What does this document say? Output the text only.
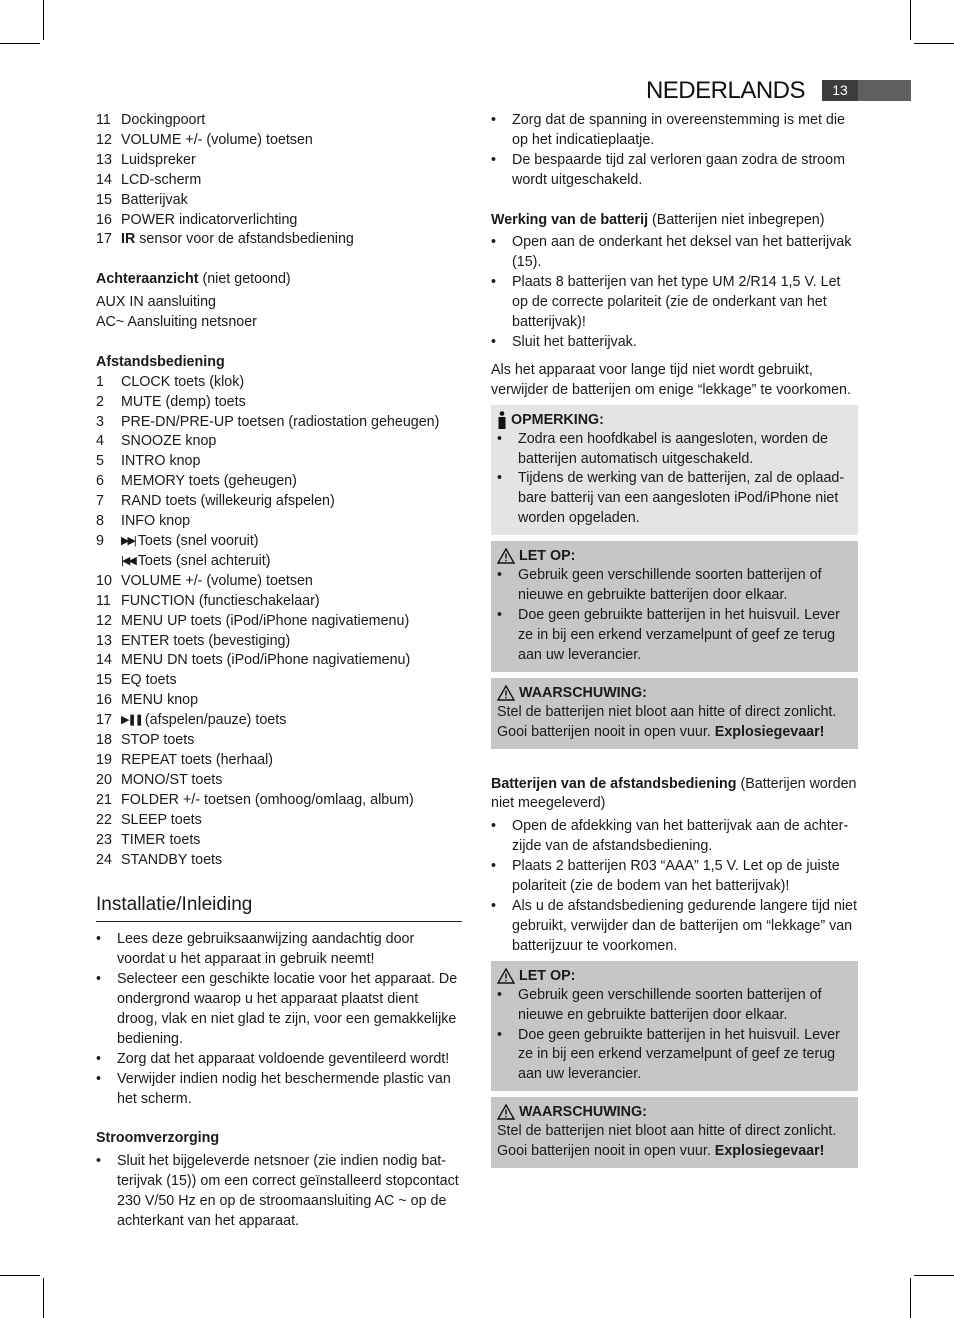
NEDERLANDS	13
11 Dockingpoort
12 VOLUME +/- (volume) toetsen
13 Luidspreker
14 LCD-scherm
15 Batterijvak
16 POWER indicatorverlichting
17 IR sensor voor de afstandsbediening
Achteraanzicht (niet getoond)
AUX IN aansluiting
AC~ Aansluiting netsnoer
Afstandsbediening
1	CLOCK toets (klok)
2	MUTE (demp) toets
3	PRE-DN/PRE-UP toetsen (radiostation geheugen)
4	SNOOZE knop
5	INTRO knop
6	MEMORY toets (geheugen)
7	RAND toets (willekeurig afspelen)
8	INFO knop
9	▶▶| Toets (snel vooruit)
|◀◀ Toets (snel achteruit)
10 VOLUME +/- (volume) toetsen
11 FUNCTION (functieschakelaar)
12 MENU UP toets (iPod/iPhone nagivatiemenu)
13 ENTER toets (bevestiging)
14 MENU DN toets (iPod/iPhone nagivatiemenu)
15 EQ toets
16 MENU knop
17 ▶❚❚ (afspelen/pauze) toets
18 STOP toets
19 REPEAT toets (herhaal)
20 MONO/ST toets
21 FOLDER +/- toetsen (omhoog/omlaag, album)
22 SLEEP toets
23 TIMER toets
24 STANDBY toets
Installatie/Inleiding
• Lees deze gebruiksaanwijzing aandachtig door voordat u het apparaat in gebruik neemt!
• Selecteer een geschikte locatie voor het apparaat. De ondergrond waarop u het apparaat plaatst dient droog, vlak en niet glad te zijn, voor een gemakkelijke bediening.
• Zorg dat het apparaat voldoende geventileerd wordt!
• Verwijder indien nodig het beschermende plastic van het scherm.
Stroomverzorging
• Sluit het bijgeleverde netsnoer (zie indien nodig batterijvak (15)) om een correct geïnstalleerd stopcontact 230 V/50 Hz en op de stroomaansluiting AC ~ op de achterkant van het apparaat.
• Zorg dat de spanning in overeenstemming is met die op het indicatieplaatje.
• De bespaarde tijd zal verloren gaan zodra de stroom wordt uitgeschakeld.
Werking van de batterij (Batterijen niet inbegrepen)
• Open aan de onderkant het deksel van het batterijvak (15).
• Plaats 8 batterijen van het type UM 2/R14 1,5 V. Let op de correcte polariteit (zie de onderkant van het batterijvak)!
• Sluit het batterijvak.
Als het apparaat voor lange tijd niet wordt gebruikt, verwijder de batterijen om enige “lekkage” te voorkomen.
OPMERKING:
• Zodra een hoofdkabel is aangesloten, worden de batterijen automatisch uitgeschakeld.
• Tijdens de werking van de batterijen, zal de oplaadbare batterij van een aangesloten iPod/iPhone niet worden opgeladen.
LET OP:
• Gebruik geen verschillende soorten batterijen of nieuwe en gebruikte batterijen door elkaar.
• Doe geen gebruikte batterijen in het huisvuil. Lever ze in bij een erkend verzamelpunt of geef ze terug aan uw leverancier.
WAARSCHUWING:
Stel de batterijen niet bloot aan hitte of direct zonlicht. Gooi batterijen nooit in open vuur. Explosiegevaar!
Batterijen van de afstandsbediening (Batterijen worden niet meegeleverd)
• Open de afdekking van het batterijvak aan de achterzijde van de afstandsbediening.
• Plaats 2 batterijen R03 “AAA” 1,5 V. Let op de juiste polariteit (zie de bodem van het batterijvak)!
• Als u de afstandsbediening gedurende langere tijd niet gebruikt, verwijder dan de batterijen om “lekkage” van batterijzuur te voorkomen.
LET OP:
• Gebruik geen verschillende soorten batterijen of nieuwe en gebruikte batterijen door elkaar.
• Doe geen gebruikte batterijen in het huisvuil. Lever ze in bij een erkend verzamelpunt of geef ze terug aan uw leverancier.
WAARSCHUWING:
Stel de batterijen niet bloot aan hitte of direct zonlicht. Gooi batterijen nooit in open vuur. Explosiegevaar!
